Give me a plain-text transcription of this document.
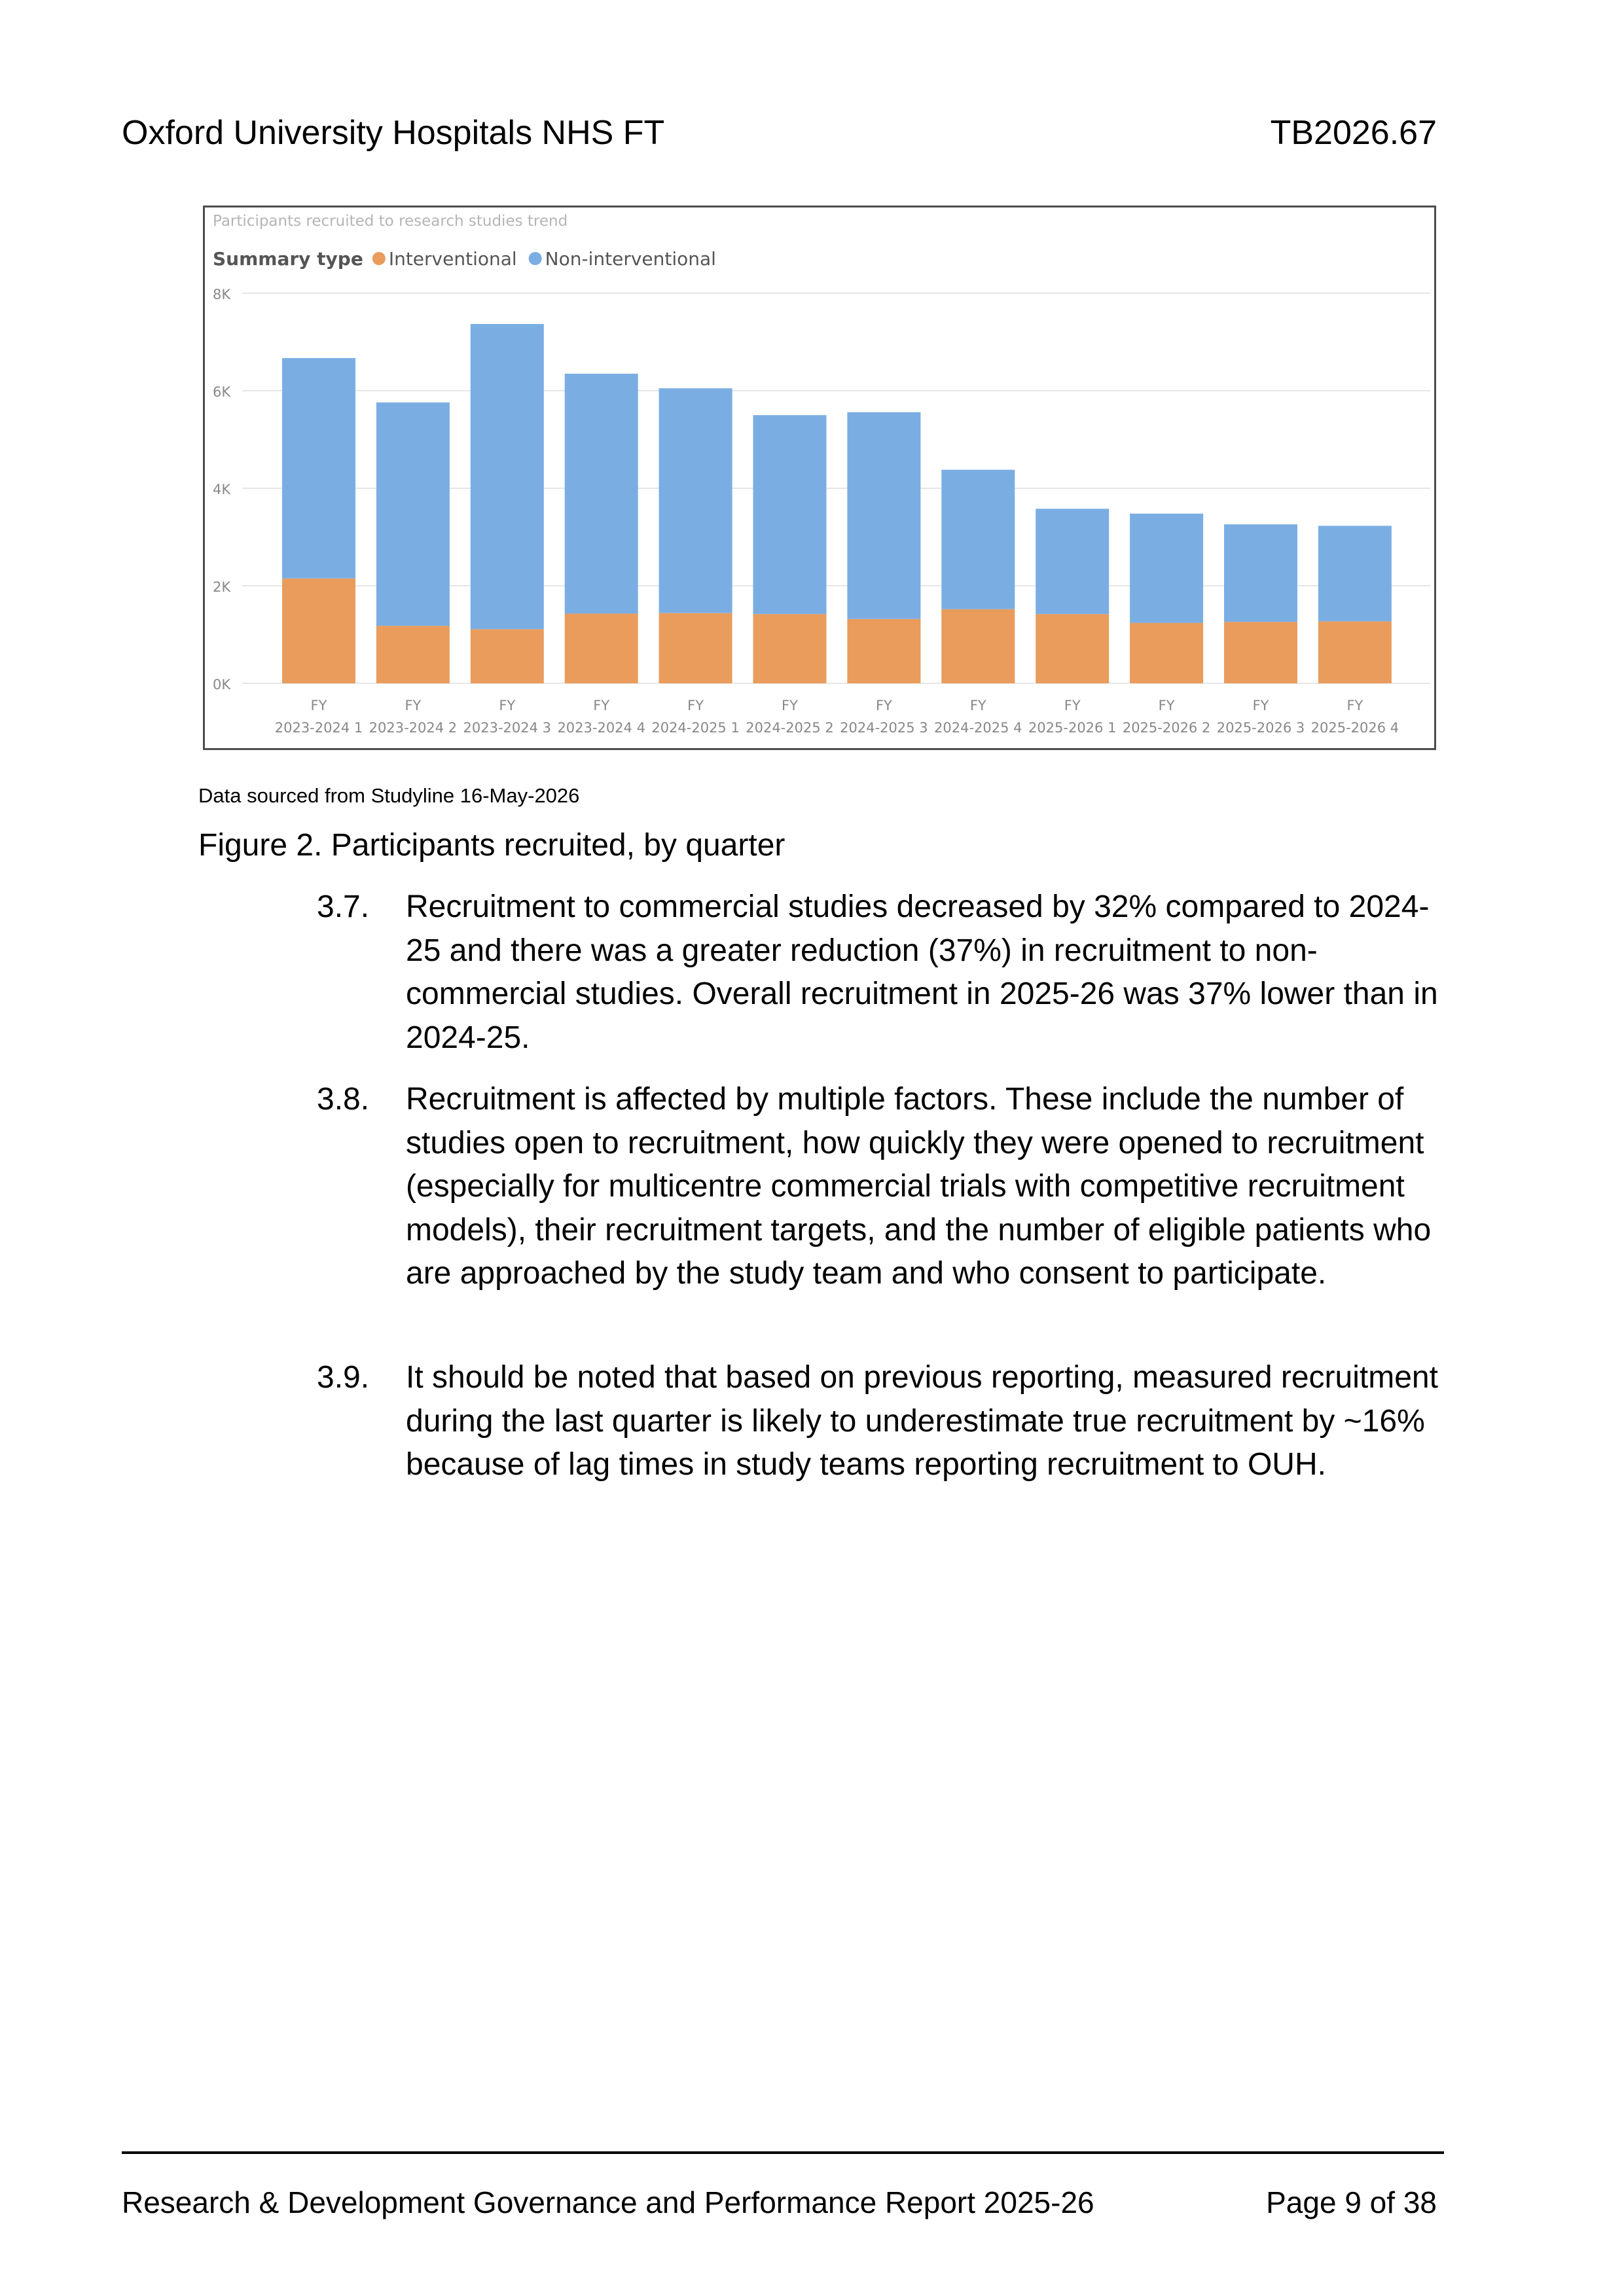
Oxford University Hospitals NHS FT	TB2026.67
Participants recruited to research studies trend
Summary type Interventional Non-interventional
0K
2K
4K
6K
8K
FY
2023-2024 1
FY
2023-2024 2
FY
2023-2024 3
FY
2023-2024 4
FY
2024-2025 1
FY
2024-2025 2
FY
2024-2025 3
FY
2024-2025 4
FY
2025-2026 1
FY
2025-2026 2
FY
2025-2026 3
FY
2025-2026 4
Data sourced from Studyline 16-May-2026
Figure 2. Participants recruited, by quarter
3.7.	Recruitment to commercial studies decreased by 32% compared to 2024-25 and there was a greater reduction (37%) in recruitment to non-commercial studies. Overall recruitment in 2025-26 was 37% lower than in 2024-25.
3.8.	Recruitment is affected by multiple factors. These include the number of studies open to recruitment, how quickly they were opened to recruitment (especially for multicentre commercial trials with competitive recruitment models), their recruitment targets, and the number of eligible patients who are approached by the study team and who consent to participate.
3.9.	It should be noted that based on previous reporting, measured recruitment during the last quarter is likely to underestimate true recruitment by ~16% because of lag times in study teams reporting recruitment to OUH.
Research & Development Governance and Performance Report 2025-26	Page 9 of 38
